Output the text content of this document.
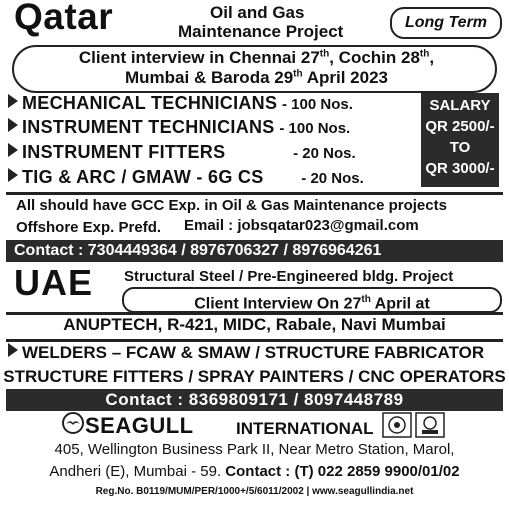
Qatar	Oil and Gas
Maintenance Project	Long Term
Client interview in Chennai 27th, Cochin 28th,
Mumbai & Baroda 29th April 2023
MECHANICAL TECHNICIANS - 100 Nos.
INSTRUMENT TECHNICIANS - 100 Nos.
INSTRUMENT FITTERS	- 20 Nos.
TIG & ARC / GMAW - 6G CS	- 20 Nos.
SALARY
QR 2500/-
TO
QR 3000/-
All should have GCC Exp. in Oil & Gas Maintenance projects
Offshore Exp. Prefd. Email : jobsqatar023@gmail.com
Contact : 7304449364 / 8976706327 / 8976964261
UAE Structural Steel / Pre-Engineered bldg. Project
Client Interview On 27th April at
ANUPTECH, R-421, MIDC, Rabale, Navi Mumbai
WELDERS – FCAW & SMAW / STRUCTURE FABRICATOR
STRUCTURE FITTERS / SPRAY PAINTERS / CNC OPERATORS
Contact : 8369809171 / 8097448789
SEAGULL INTERNATIONAL
405, Wellington Business Park II, Near Metro Station, Marol,
Andheri (E), Mumbai - 59. Contact : (T) 022 2859 9900/01/02
Reg.No. B0119/MUM/PER/1000+/5/6011/2002 | www.seagullindia.net
